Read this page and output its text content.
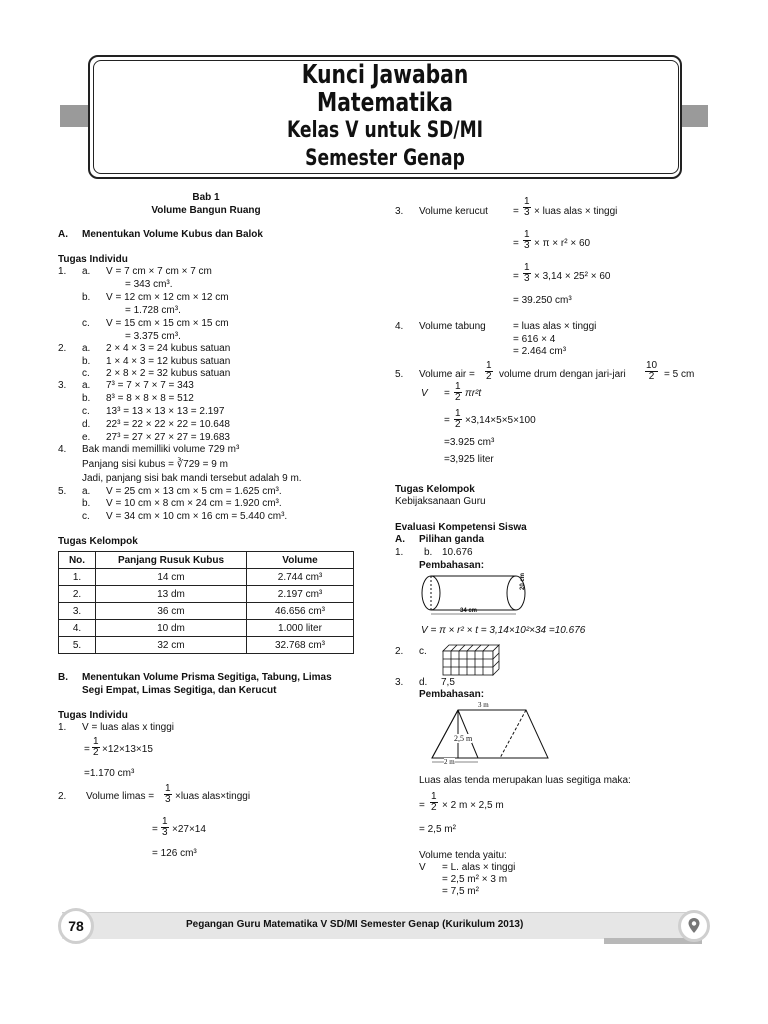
Kunci Jawaban
Matematika
Kelas V untuk SD/MI
Semester Genap
Bab 1
Volume Bangun Ruang
A. Menentukan Volume Kubus dan Balok
Tugas Individu
1. a. V = 7 cm × 7 cm × 7 cm
= 343 cm³.
b. V = 12 cm × 12 cm × 12 cm
= 1.728 cm³.
c. V = 15 cm × 15 cm × 15 cm
= 3.375 cm³.
2. a. 2 × 4 × 3 = 24 kubus satuan
b. 1 × 4 × 3 = 12 kubus satuan
c. 2 × 8 × 2 = 32 kubus satuan
3. a. 7³ = 7 × 7 × 7 = 343
b. 8³ = 8 × 8 × 8 = 512
c. 13³ = 13 × 13 × 13 = 2.197
d. 22³ = 22 × 22 × 22 = 10.648
e. 27³ = 27 × 27 × 27 = 19.683
4. Bak mandi memilliki volume 729 m³
Panjang sisi kubus = ∛729 = 9 m
Jadi, panjang sisi bak mandi tersebut adalah 9 m.
5. a. V = 25 cm × 13 cm × 5 cm = 1.625 cm³.
b. V = 10 cm × 8 cm × 24 cm = 1.920 cm³.
c. V = 34 cm × 10 cm × 16 cm = 5.440 cm³.
Tugas Kelompok
No.	Panjang Rusuk Kubus	Volume
1.	14 cm	2.744 cm³
2.	13 dm	2.197 cm³
3.	36 cm	46.656 cm³
4.	10 dm	1.000 liter
5.	32 cm	32.768 cm³
B. Menentukan Volume Prisma Segitiga, Tabung, Limas
Segi Empat, Limas Segitiga, dan Kerucut
Tugas Individu
1. V = luas alas x tinggi
= $\frac{1}{2} \times 12\times 13\times 15$
=1.170 cm³
2. Volume limas = $\frac{1}{3}$ ×luas alas×tinggi
= $\frac{1}{3} \times 27\times 14$
= 126 cm³
3. Volume kerucut	= $\frac{1}{3}$ × luas alas × tinggi
= $\frac{1}{3} \times \pi \times r^2 \times 60$
= $\frac{1}{3} \times 3,14 \times 25^2 \times 60$
= 39.250 cm³
4. Volume tabung	= luas alas × tinggi
= 616 × 4
= 2.464 cm³
5. Volume air = $\frac{1}{2}$ volume drum dengan jari-jari $\frac{10}{2} = 5$ cm
$V = \frac{1}{2} \pi r^2t$
= $\frac{1}{2} \times 3,14\times 5\times 5\times 100$
=3.925 cm³
=3,925 liter
Tugas Kelompok
Kebijaksanaan Guru
Evaluasi Kompetensi Siswa
A. Pilihan ganda
1. b. 10.676
Pembahasan:
34 cm
20 cm
V = π × r² × t = 3,14×10²×34 =10.676
2. c.
3. d. 7,5
Pembahasan:
3 m
2,5 m
2 m
Luas alas tenda merupakan luas segitiga maka:
= $\frac{1}{2} \times 2$ m × 2,5 m
= 2,5 m²
Volume tenda yaitu:
V = L. alas × tinggi
= 2,5 m² × 3 m
= 7,5 m²
78	Pegangan Guru Matematika V SD/MI Semester Genap (Kurikulum 2013)
